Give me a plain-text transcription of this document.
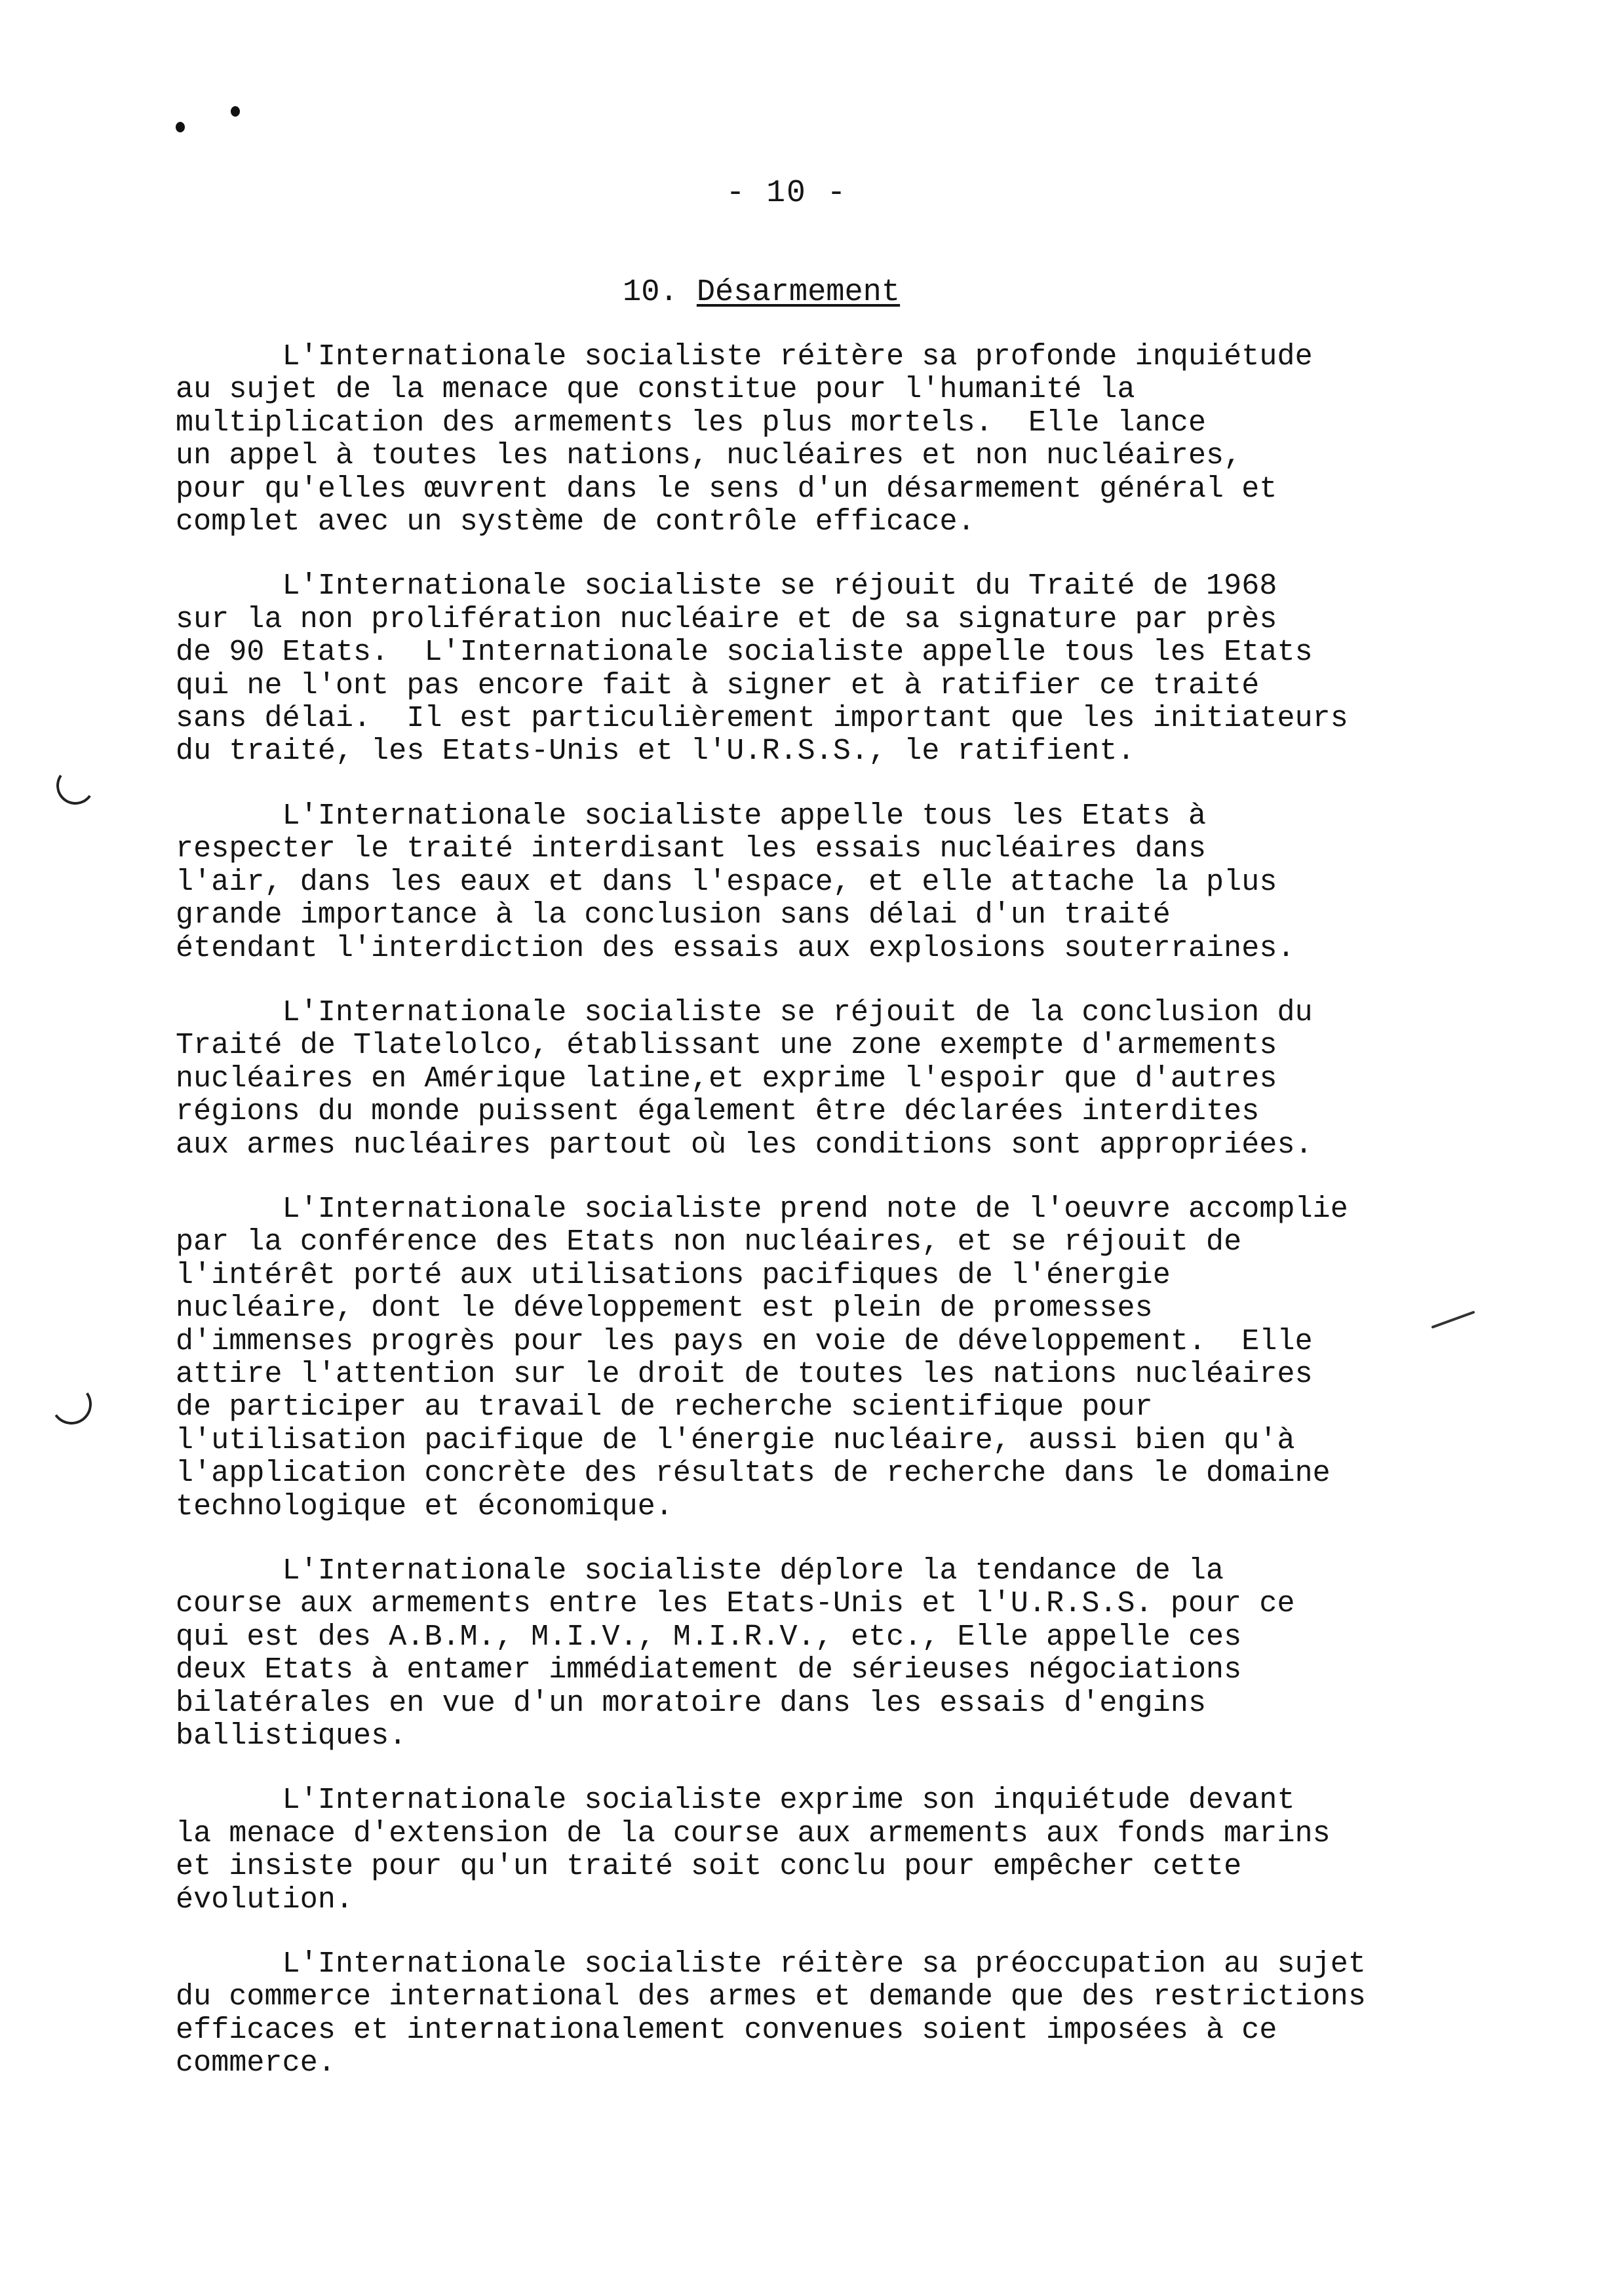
- 10 -
10. Désarmement

L'Internationale socialiste réitère sa profonde inquiétude
au sujet de la menace que constitue pour l'humanité la
multiplication des armements les plus mortels.  Elle lance
un appel à toutes les nations, nucléaires et non nucléaires,
pour qu'elles œuvrent dans le sens d'un désarmement général et
complet avec un système de contrôle efficace.

L'Internationale socialiste se réjouit du Traité de 1968
sur la non prolifération nucléaire et de sa signature par près
de 90 Etats.  L'Internationale socialiste appelle tous les Etats
qui ne l'ont pas encore fait à signer et à ratifier ce traité
sans délai.  Il est particulièrement important que les initiateurs
du traité, les Etats-Unis et l'U.R.S.S., le ratifient.

L'Internationale socialiste appelle tous les Etats à
respecter le traité interdisant les essais nucléaires dans
l'air, dans les eaux et dans l'espace, et elle attache la plus
grande importance à la conclusion sans délai d'un traité
étendant l'interdiction des essais aux explosions souterraines.

L'Internationale socialiste se réjouit de la conclusion du
Traité de Tlatelolco, établissant une zone exempte d'armements
nucléaires en Amérique latine,et exprime l'espoir que d'autres
régions du monde puissent également être déclarées interdites
aux armes nucléaires partout où les conditions sont appropriées.

L'Internationale socialiste prend note de l'oeuvre accomplie
par la conférence des Etats non nucléaires, et se réjouit de
l'intérêt porté aux utilisations pacifiques de l'énergie
nucléaire, dont le développement est plein de promesses
d'immenses progrès pour les pays en voie de développement.  Elle
attire l'attention sur le droit de toutes les nations nucléaires
de participer au travail de recherche scientifique pour
l'utilisation pacifique de l'énergie nucléaire, aussi bien qu'à
l'application concrète des résultats de recherche dans le domaine
technologique et économique.

L'Internationale socialiste déplore la tendance de la
course aux armements entre les Etats-Unis et l'U.R.S.S. pour ce
qui est des A.B.M., M.I.V., M.I.R.V., etc., Elle appelle ces
deux Etats à entamer immédiatement de sérieuses négociations
bilatérales en vue d'un moratoire dans les essais d'engins
ballistiques.

L'Internationale socialiste exprime son inquiétude devant
la menace d'extension de la course aux armements aux fonds marins
et insiste pour qu'un traité soit conclu pour empêcher cette
évolution.

L'Internationale socialiste réitère sa préoccupation au sujet
du commerce international des armes et demande que des restrictions
efficaces et internationalement convenues soient imposées à ce
commerce.
